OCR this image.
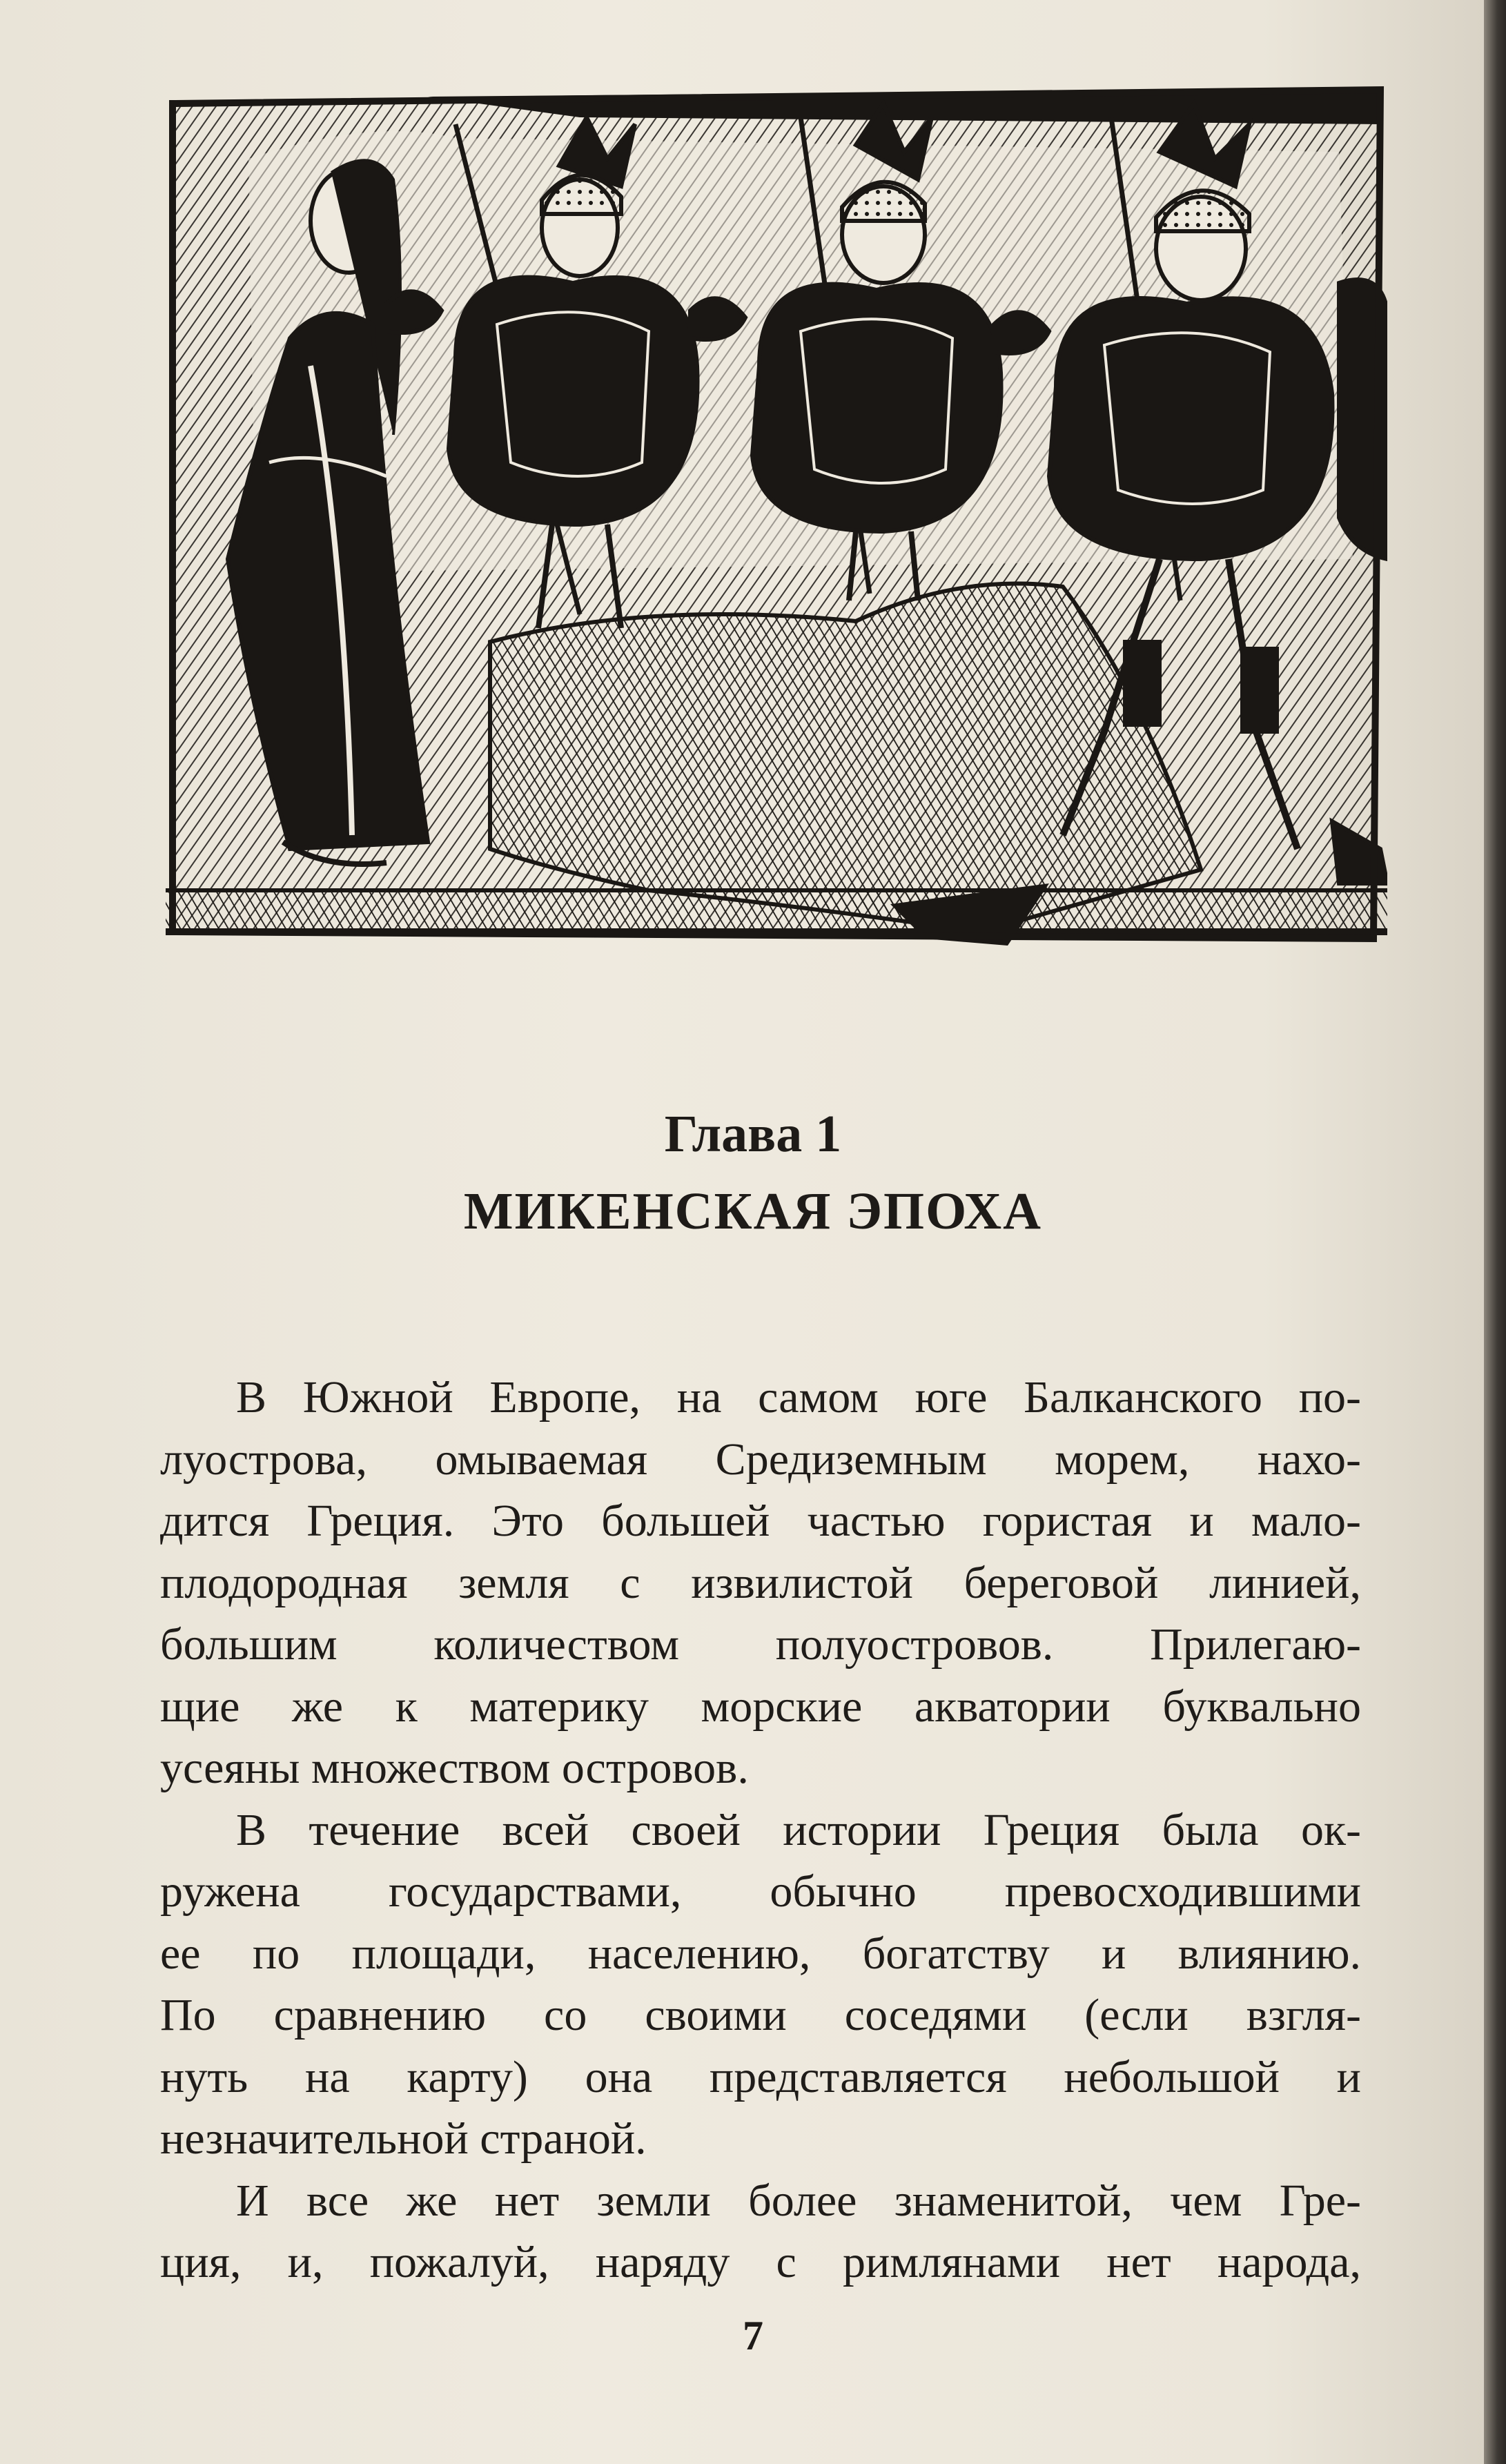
Глава 1
МИКЕНСКАЯ ЭПОХА
В Южной Европе, на самом юге Балканского по-
луострова, омываемая Средиземным морем, нахо-
дится Греция. Это большей частью гористая и мало-
плодородная земля с извилистой береговой линией,
большим количеством полуостровов. Прилегаю-
щие же к материку морские акватории буквально
усеяны множеством островов.
В течение всей своей истории Греция была ок-
ружена государствами, обычно превосходившими
ее по площади, населению, богатству и влиянию.
По сравнению со своими соседями (если взгля-
нуть на карту) она представляется небольшой и
незначительной страной.
И все же нет земли более знаменитой, чем Гре-
ция, и, пожалуй, наряду с римлянами нет народа,
7
